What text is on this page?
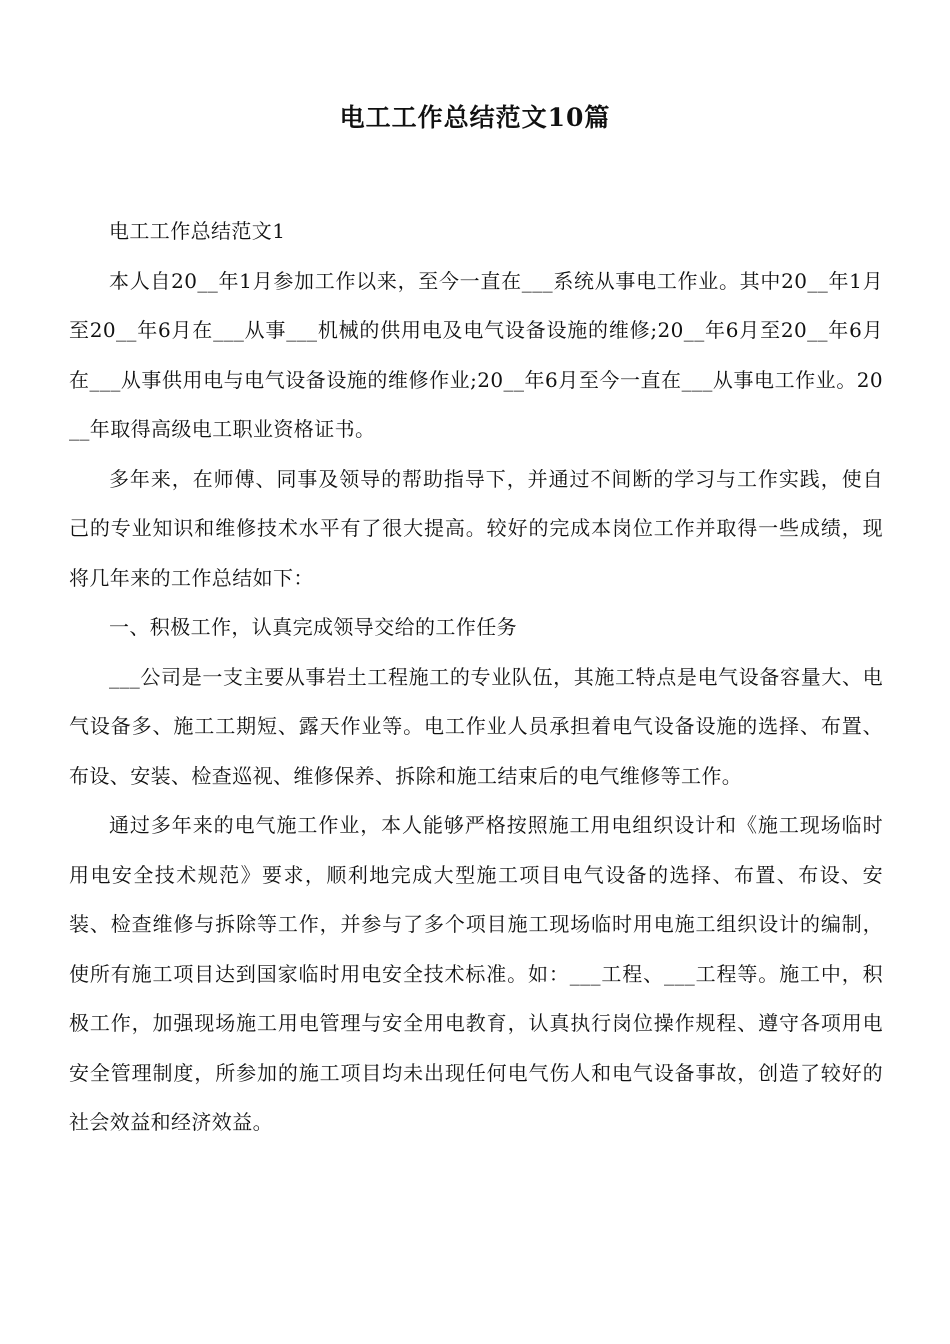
电工工作总结范文10篇

电工工作总结范文1

本人自20__年1月参加工作以来，至今一直在___系统从事电工作业。其中20__年1月至20__年6月在___从事___机械的供用电及电气设备设施的维修;20__年6月至20__年6月在___从事供用电与电气设备设施的维修作业;20__年6月至今一直在___从事电工作业。20__年取得高级电工职业资格证书。

多年来，在师傅、同事及领导的帮助指导下，并通过不间断的学习与工作实践，使自己的专业知识和维修技术水平有了很大提高。较好的完成本岗位工作并取得一些成绩，现将几年来的工作总结如下：

一、积极工作，认真完成领导交给的工作任务

___公司是一支主要从事岩土工程施工的专业队伍，其施工特点是电气设备容量大、电气设备多、施工工期短、露天作业等。电工作业人员承担着电气设备设施的选择、布置、布设、安装、检查巡视、维修保养、拆除和施工结束后的电气维修等工作。

通过多年来的电气施工作业，本人能够严格按照施工用电组织设计和《施工现场临时用电安全技术规范》要求，顺利地完成大型施工项目电气设备的选择、布置、布设、安装、检查维修与拆除等工作，并参与了多个项目施工现场临时用电施工组织设计的编制，使所有施工项目达到国家临时用电安全技术标准。如：___工程、___工程等。施工中，积极工作，加强现场施工用电管理与安全用电教育，认真执行岗位操作规程、遵守各项用电安全管理制度，所参加的施工项目均未出现任何电气伤人和电气设备事故，创造了较好的社会效益和经济效益。
